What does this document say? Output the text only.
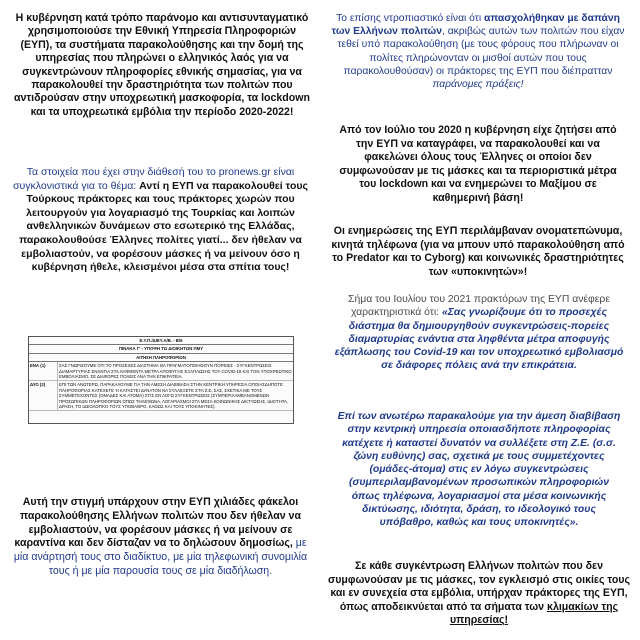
Η κυβέρνηση κατά τρόπο παράνομο και αντισυνταγματικό χρησιμοποιούσε την Εθνική Υπηρεσία Πληροφοριών (ΕΥΠ), τα συστήματα παρακολούθησης και την δομή της υπηρεσίας που πληρώνει ο ελληνικός λαός για να συγκεντρώνουν πληροφορίες εθνικής σημασίας, για να παρακολουθεί την δραστηριότητα των πολιτών που αντιδρούσαν στην υποχρεωτική μασκοφορία, τα lockdown και τα υποχρεωτικά εμβόλια την περίοδο 2020-2022!

Τα στοιχεία που έχει στην διάθεσή του το pronews.gr είναι συγκλονιστικά για το θέμα: Αντί η ΕΥΠ να παρακολουθεί τους Τούρκους πράκτορες και τους πράκτορες χωρών που λειτουργούν για λογαριασμό της Τουρκίας και λοιπών ανθελληνικών δυνάμεων στο εσωτερικό της Ελλάδας, παρακολουθούσε Έλληνες πολίτες γιατί... δεν ήθελαν να εμβολιαστούν, να φορέσουν μάσκες ή να μείνουν όσο η κυβέρνηση ήθελε, κλεισμένοι μέσα στα σπίτια τους!

Ε.Υ.Π./ΔΙΕΥ.Α/Β. - Β/6
ΠΙΝΑΚΑ Γ' - ΥΠΟΨΗ ΤΩ ΔΙΟΙΚΗΤΩΝ ΠΜΥ
ΑΙΤΗΣΗ ΠΛΗΡΟΦΟΡΙΩΝ
ΕΝΑ (1)	ΣΑΣ ΓΝΩΡΙΖΟΥΜΕ ΟΤΙ ΤΟ ΠΡΟΣΕΧΕΣ ΔΙΑΣΤΗΜΑ ΘΑ ΠΡΑΓΜΑΤΟΠΟΙΗΘΟΥΝ ΠΟΡΕΙΕΣ - ΣΥΓΚΕΝΤΡΩΣΕΙΣ ΔΙΑΜΑΡΤΥΡΙΑΣ ΕΝΑΝΤΙΑ ΣΤΑ ΛΗΦΘΕΝΤΑ ΜΕΤΡΑ ΑΠΟΦΥΓΗΣ ΕΞΑΠΛΩΣΗΣ ΤΟΥ COVID-19 ΚΑΙ ΤΟΝ ΥΠΟΧΡΕΩΤΙΚΟ ΕΜΒΟΛΙΑΣΜΟ, ΣΕ ΔΙΑΦΟΡΕΣ ΠΟΛΕΙΣ ΑΝΑ ΤΗΝ ΕΠΙΚΡΑΤΕΙΑ.
ΔΥΟ (2)	ΕΠΙ ΤΩΝ ΑΝΩΤΕΡΩ, ΠΑΡΑΚΑΛΟΥΜΕ ΓΙΑ ΤΗΝ ΑΜΕΣΗ ΔΙΑΒΙΒΑΣΗ ΣΤΗΝ ΚΕΝΤΡΙΚΗ ΥΠΗΡΕΣΙΑ ΟΠΟΙΑΣΔΗΠΟΤΕ ΠΛΗΡΟΦΟΡΙΑΣ ΚΑΤΕΧΕΤΕ Ή ΚΑΤΑΣΤΕΙ ΔΥΝΑΤΟΝ ΝΑ ΣΥΛΛΕΞΕΤΕ ΣΤΗ Ζ.Ε. ΣΑΣ, ΣΧΕΤΙΚΑ ΜΕ ΤΟΥΣ ΣΥΜΜΕΤΕΧΟΝΤΕΣ (ΟΜΑΔΕΣ ΚΑΙ ΑΤΟΜΑ) ΣΤΙΣ ΕΝ ΛΟΓΩ ΣΥΓΚΕΝΤΡΩΣΕΙΣ (ΣΥΜΠΕΡΙΛΑΜΒΑΝΟΜΕΝΩΝ ΠΡΟΣΩΠΙΚΩΝ ΠΛΗΡΟΦΟΡΙΩΝ ΟΠΩΣ ΤΗΛΕΦΩΝΑ, ΛΟΓΑΡΙΑΣΜΟΙ ΣΤΑ ΜΕΣΑ ΚΟΙΝΩΝΙΚΗΣ ΔΙΚΤΥΩΣΗΣ, ΙΔΙΟΤΗΤΑ, ΔΡΑΣΗ, ΤΟ ΙΔΕΟΛΟΓΙΚΟ ΤΟΥΣ ΥΠΟΒΑΘΡΟ, ΚΑΘΩΣ ΚΑΙ ΤΟΥΣ ΥΠΟΚΙΝΗΤΕΣ).

Αυτή την στιγμή υπάρχουν στην ΕΥΠ χιλιάδες φάκελοι παρακολούθησης Ελλήνων πολιτών που δεν ήθελαν να εμβολιαστούν, να φορέσουν μάσκες ή να μείνουν σε καραντίνα και δεν δίσταζαν να το δηλώσουν δημοσίως, με μία ανάρτησή τους στο διαδίκτυο, με μία τηλεφωνική συνομιλία τους ή με μία παρουσία τους σε μία διαδήλωση.

Το επίσης ντροπιαστικό είναι ότι απασχολήθηκαν με δαπάνη των Ελλήνων πολιτών, ακριβώς αυτών των πολιτών που είχαν τεθεί υπό παρακολούθηση (με τους φόρους που πλήρωναν οι πολίτες πληρώνονταν οι μισθοί αυτών που τους παρακολουθούσαν) οι πράκτορες της ΕΥΠ που διέπρατταν παράνομες πράξεις!

Από τον Ιούλιο του 2020 η κυβέρνηση είχε ζητήσει από την ΕΥΠ να καταγράφει, να παρακολουθεί και να φακελώνει όλους τους Έλληνες οι οποίοι δεν συμφωνούσαν με τις μάσκες και τα περιοριστικά μέτρα του lockdown και να ενημερώνει το Μαξίμου σε καθημερινή βάση!

Οι ενημερώσεις της ΕΥΠ περιλάμβαναν ονοματεπώνυμα, κινητά τηλέφωνα (για να μπουν υπό παρακολούθηση από το Predator και το Cyborg) και κοινωνικές δραστηριότητες των «υποκινητών»!

Σήμα του Ιουλίου του 2021 πρακτόρων της ΕΥΠ ανέφερε χαρακτηριστικά ότι: «Σας γνωρίζουμε ότι το προσεχές διάστημα θα δημιουργηθούν συγκεντρώσεις-πορείες διαμαρτυρίας ενάντια στα ληφθέντα μέτρα αποφυγής εξάπλωσης του Covid-19 και τον υποχρεωτικό εμβολιασμό σε διάφορες πόλεις ανά την επικράτεια.

Επί των ανωτέρω παρακαλούμε για την άμεση διαβίβαση στην κεντρική υπηρεσία οποιασδήποτε πληροφορίας κατέχετε ή καταστεί δυνατόν να συλλέξετε στη Ζ.Ε. (σ.σ. ζώνη ευθύνης) σας, σχετικά με τους συμμετέχοντες (ομάδες-άτομα) στις εν λόγω συγκεντρώσεις (συμπεριλαμβανομένων προσωπικών πληροφοριών όπως τηλέφωνα, λογαριασμοί στα μέσα κοινωνικής δικτύωσης, ιδιότητα, δράση, το ιδεολογικό τους υπόβαθρο, καθώς και τους υποκινητές».

Σε κάθε συγκέντρωση Ελλήνων πολιτών που δεν συμφωνούσαν με τις μάσκες, τον εγκλεισμό στις οικίες τους και εν συνεχεία στα εμβόλια, υπήρχαν πράκτορες της ΕΥΠ, όπως αποδεικνύεται από τα σήματα των κλιμακίων της υπηρεσίας!
